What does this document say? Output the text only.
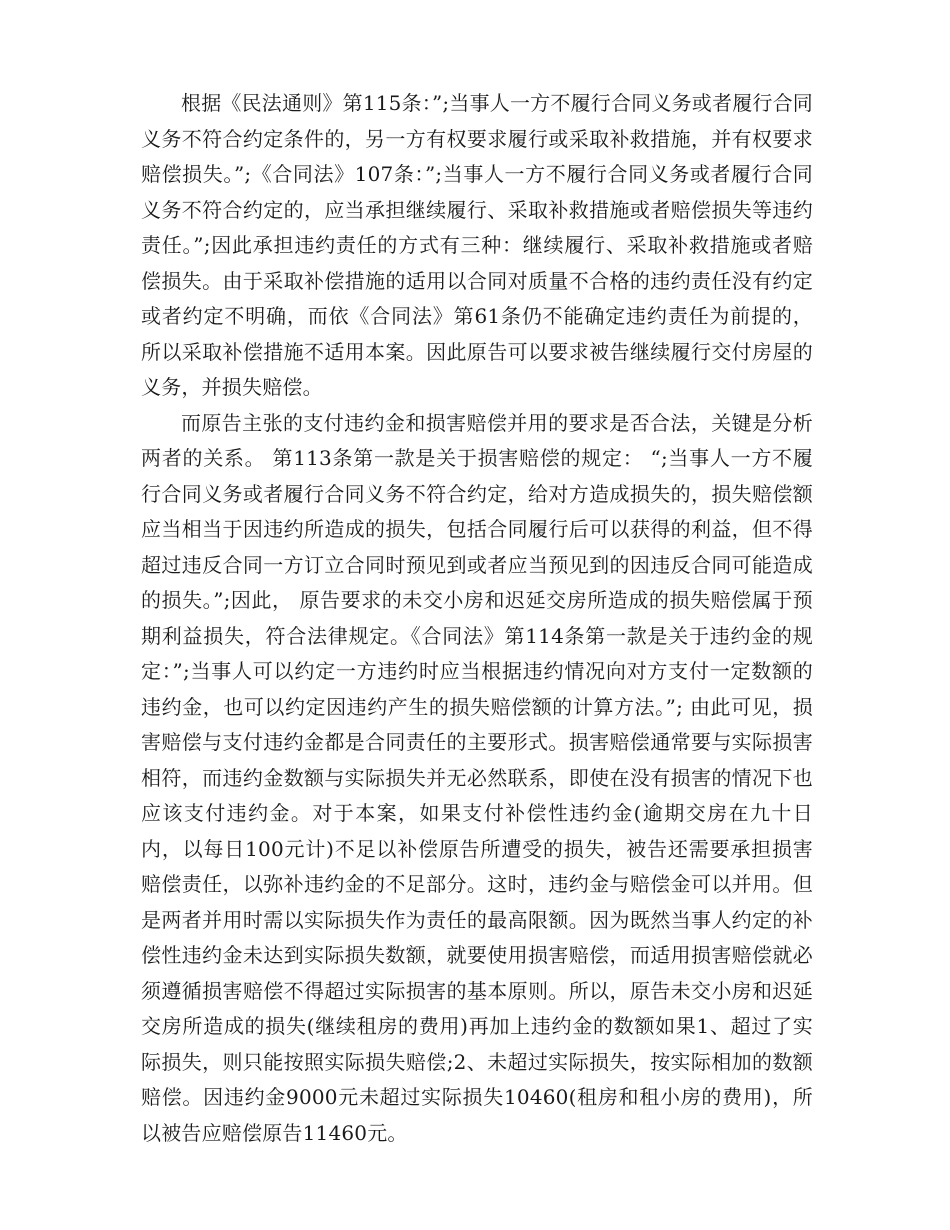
根据《民法通则》第115条：”;当事人一方不履行合同义务或者履行合同义务不符合约定条件的，另一方有权要求履行或采取补救措施，并有权要求赔偿损失。”;《合同法》107条：”;当事人一方不履行合同义务或者履行合同义务不符合约定的，应当承担继续履行、采取补救措施或者赔偿损失等违约责任。”;因此承担违约责任的方式有三种：继续履行、采取补救措施或者赔偿损失。由于采取补偿措施的适用以合同对质量不合格的违约责任没有约定或者约定不明确，而依《合同法》第61条仍不能确定违约责任为前提的，所以采取补偿措施不适用本案。因此原告可以要求被告继续履行交付房屋的义务，并损失赔偿。

而原告主张的支付违约金和损害赔偿并用的要求是否合法，关键是分析两者的关系。 第113条第一款是关于损害赔偿的规定： “;当事人一方不履行合同义务或者履行合同义务不符合约定，给对方造成损失的，损失赔偿额应当相当于因违约所造成的损失，包括合同履行后可以获得的利益，但不得超过违反合同一方订立合同时预见到或者应当预见到的因违反合同可能造成的损失。”;因此， 原告要求的未交小房和迟延交房所造成的损失赔偿属于预期利益损失，符合法律规定。《合同法》第114条第一款是关于违约金的规定：”;当事人可以约定一方违约时应当根据违约情况向对方支付一定数额的违约金，也可以约定因违约产生的损失赔偿额的计算方法。”; 由此可见，损害赔偿与支付违约金都是合同责任的主要形式。损害赔偿通常要与实际损害相符，而违约金数额与实际损失并无必然联系，即使在没有损害的情况下也应该支付违约金。对于本案，如果支付补偿性违约金(逾期交房在九十日内，以每日100元计)不足以补偿原告所遭受的损失，被告还需要承担损害赔偿责任，以弥补违约金的不足部分。这时，违约金与赔偿金可以并用。但是两者并用时需以实际损失作为责任的最高限额。因为既然当事人约定的补偿性违约金未达到实际损失数额，就要使用损害赔偿，而适用损害赔偿就必须遵循损害赔偿不得超过实际损害的基本原则。所以，原告未交小房和迟延交房所造成的损失(继续租房的费用)再加上违约金的数额如果1、超过了实际损失，则只能按照实际损失赔偿;2、未超过实际损失，按实际相加的数额赔偿。因违约金9000元未超过实际损失10460(租房和租小房的费用)，所以被告应赔偿原告11460元。
